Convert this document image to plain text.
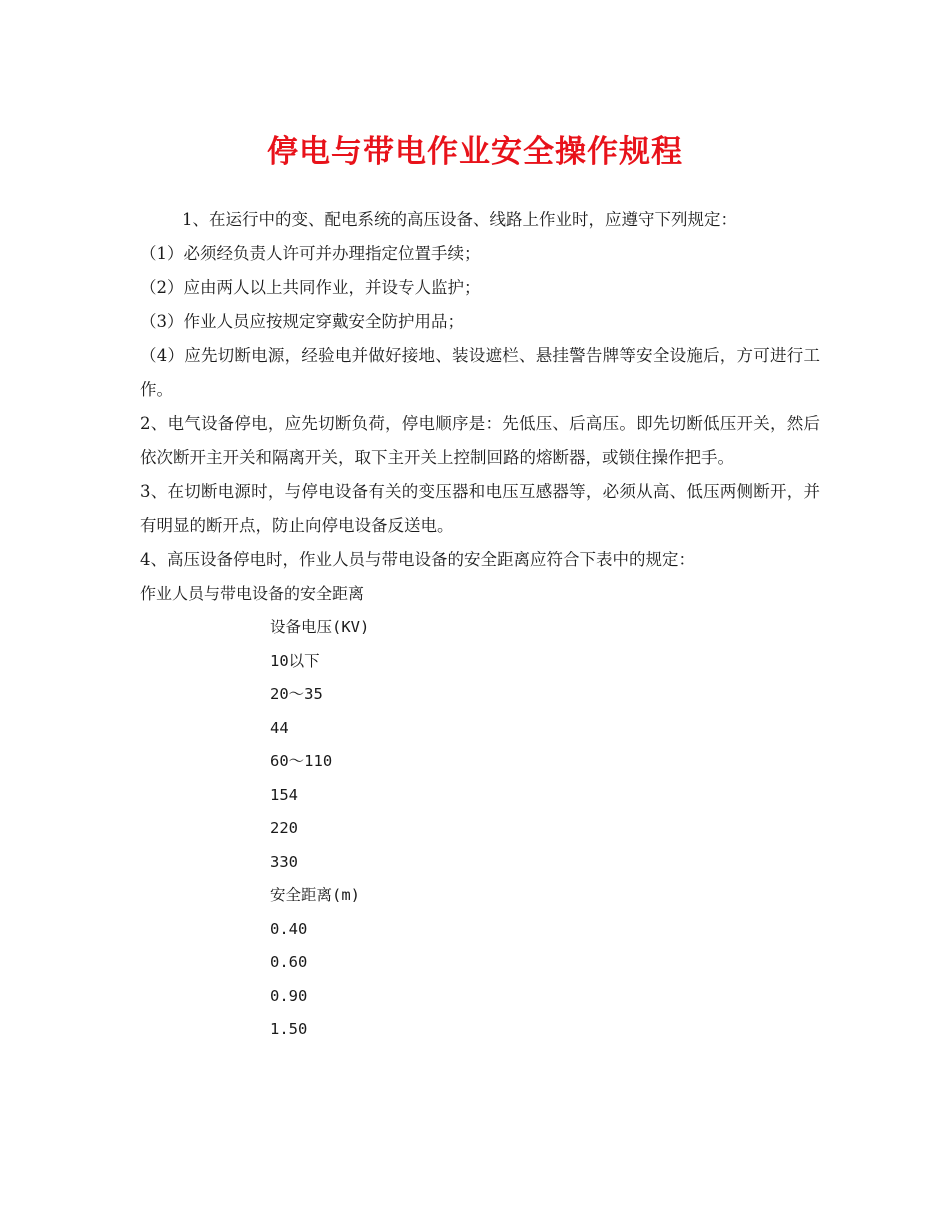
停电与带电作业安全操作规程

1、在运行中的变、配电系统的高压设备、线路上作业时，应遵守下列规定：

（1）必须经负责人许可并办理指定位置手续；

（2）应由两人以上共同作业，并设专人监护；

（3）作业人员应按规定穿戴安全防护用品；

（4）应先切断电源，经验电并做好接地、装设遮栏、悬挂警告牌等安全设施后，方可进行工作。

2、电气设备停电，应先切断负荷，停电顺序是：先低压、后高压。即先切断低压开关，然后依次断开主开关和隔离开关，取下主开关上控制回路的熔断器，或锁住操作把手。

3、在切断电源时，与停电设备有关的变压器和电压互感器等，必须从高、低压两侧断开，并有明显的断开点，防止向停电设备反送电。

4、高压设备停电时，作业人员与带电设备的安全距离应符合下表中的规定：

作业人员与带电设备的安全距离

设备电压(KV)

10以下

20～35

44

60～110

154

220

330

安全距离(m)

0.40

0.60

0.90

1.50
